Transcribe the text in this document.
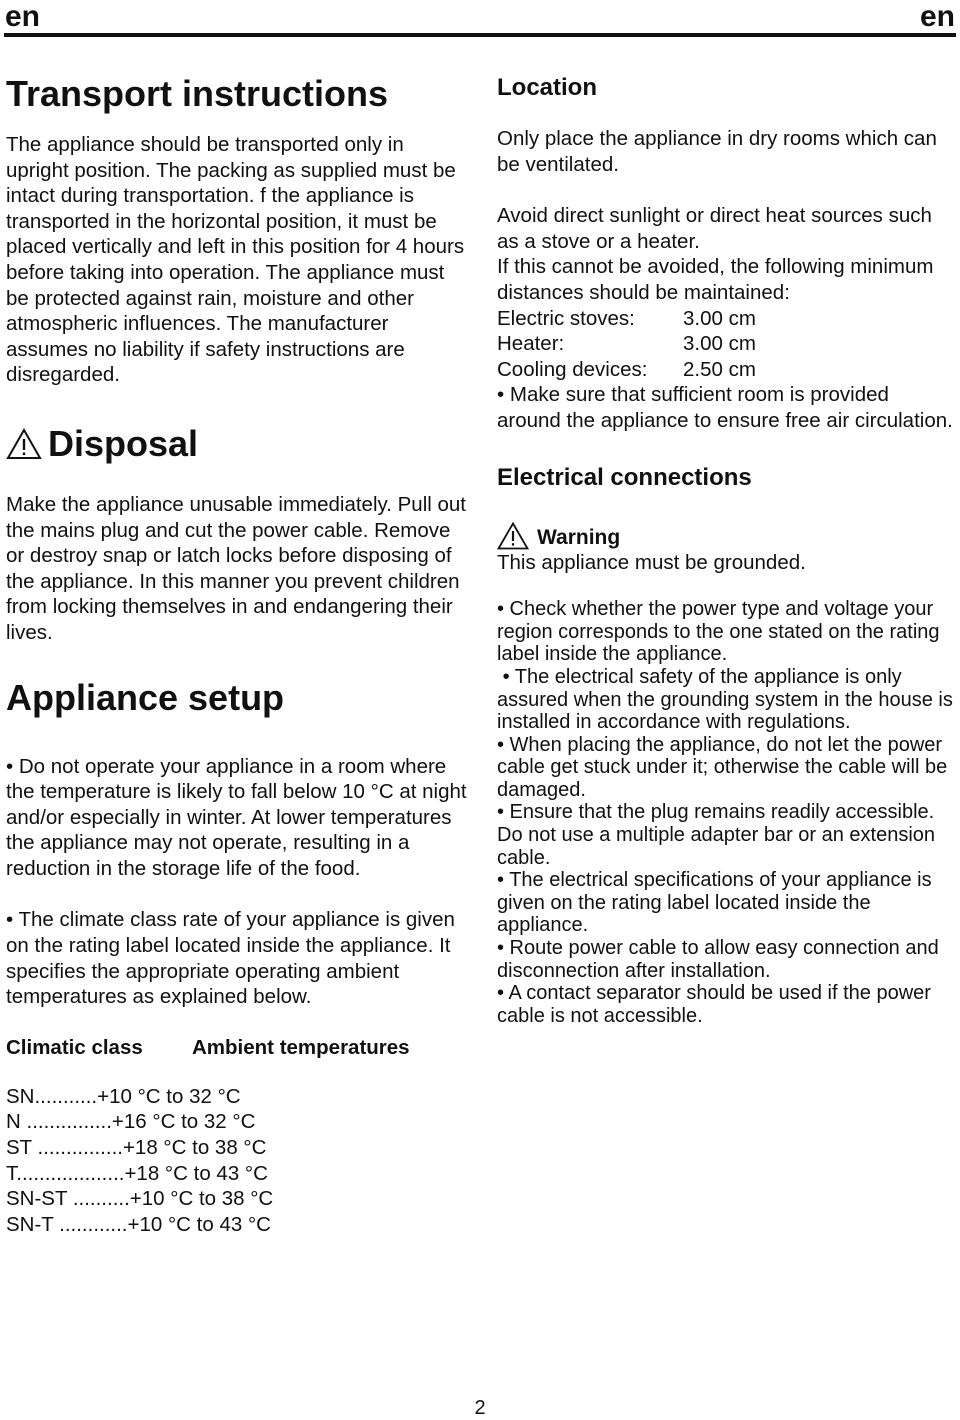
en	en
Transport instructions

The appliance should be transported only in upright position. The packing as supplied must be intact during transportation. f the appliance is transported in the horizontal position, it must be placed vertically and left in this position for 4 hours before taking into operation. The appliance must be protected against rain, moisture and other atmospheric influences. The manufacturer assumes no liability if safety instructions are disregarded.

Disposal

Make the appliance unusable immediately. Pull out the mains plug and cut the power cable. Remove or destroy snap or latch locks before disposing of the appliance. In this manner you prevent children from locking themselves in and endangering their lives.

Appliance setup

• Do not operate your appliance in a room where the temperature is likely to fall below 10 °C at night and/or especially in winter. At lower temperatures the appliance may not operate, resulting in a reduction in the storage life of the food.

• The climate class rate of your appliance is given on the rating label located inside the appliance. It specifies the appropriate operating ambient temperatures as explained below.

Climatic class	Ambient temperatures
SN...........+10 °C to 32 °C
N ...............+16 °C to 32 °C
ST ...............+18 °C to 38 °C
T...................+18 °C to 43 °C
SN-ST ..........+10 °C to 38 °C
SN-T ............+10 °C to 43 °C
Location

Only place the appliance in dry rooms which can be ventilated.

Avoid direct sunlight or direct heat sources such as a stove or a heater.

If this cannot be avoided, the following minimum distances should be maintained:

Electric stoves:	3.00 cm
Heater:	3.00 cm
Cooling devices:	2.50 cm

• Make sure that sufficient room is provided around the appliance to ensure free air circulation.

Electrical connections
Warning

This appliance must be grounded.

• Check whether the power type and voltage your region corresponds to the one stated on the rating label inside the appliance.

• The electrical safety of the appliance is only assured when the grounding system in the house is installed in accordance with regulations.

• When placing the appliance, do not let the power cable get stuck under it; otherwise the cable will be damaged.

• Ensure that the plug remains readily accessible. Do not use a multiple adapter bar or an extension cable.

• The electrical specifications of your appliance is given on the rating label located inside the appliance.

• Route power cable to allow easy connection and disconnection after installation.

• A contact separator should be used if the power cable is not accessible.

2
